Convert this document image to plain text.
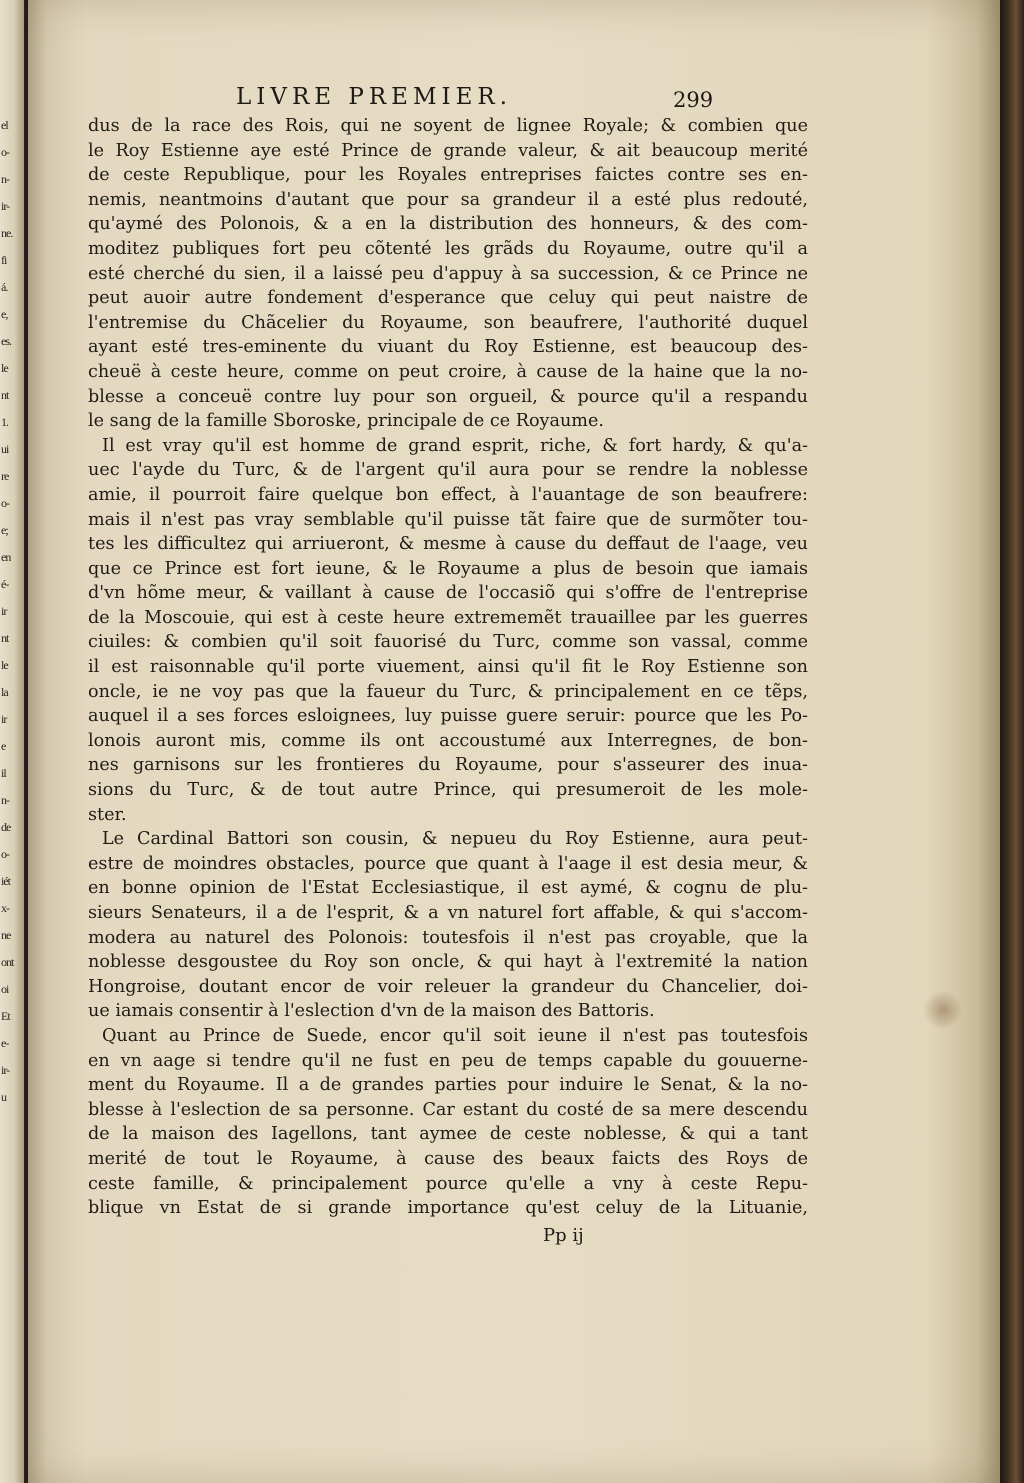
el
o-
n-
ir-
ne.
fi
á.
e,
es.
le
nt
1.
ui
re
o-
e;
en
é-
ir
nt
le
la
ir
e
il
n-
de
o-
iét
x-
ne
ont
oi
Et
e-
ir-
u
LIVRE PREMIER.	299
dus de la race des Rois, qui ne soyent de lignee Royale; & combien que
le Roy Estienne aye esté Prince de grande valeur, & ait beaucoup merité
de ceste Republique, pour les Royales entreprises faictes contre ses en-
nemis, neantmoins d'autant que pour sa grandeur il a esté plus redouté,
qu'aymé des Polonois, & a en la distribution des honneurs, & des com-
moditez publiques fort peu cõtenté les grãds du Royaume, outre qu'il a
esté cherché du sien, il a laissé peu d'appuy à sa succession, & ce Prince ne
peut auoir autre fondement d'esperance que celuy qui peut naistre de
l'entremise du Chãcelier du Royaume, son beaufrere, l'authorité duquel
ayant esté tres-eminente du viuant du Roy Estienne, est beaucoup des-
cheuë à ceste heure, comme on peut croire, à cause de la haine que la no-
blesse a conceuë contre luy pour son orgueil, & pource qu'il a respandu
le sang de la famille Sboroske, principale de ce Royaume.
Il est vray qu'il est homme de grand esprit, riche, & fort hardy, & qu'a-
uec l'ayde du Turc, & de l'argent qu'il aura pour se rendre la noblesse
amie, il pourroit faire quelque bon effect, à l'auantage de son beaufrere:
mais il n'est pas vray semblable qu'il puisse tãt faire que de surmõter tou-
tes les difficultez qui arriueront, & mesme à cause du deffaut de l'aage, veu
que ce Prince est fort ieune, & le Royaume a plus de besoin que iamais
d'vn hõme meur, & vaillant à cause de l'occasiõ qui s'offre de l'entreprise
de la Moscouie, qui est à ceste heure extrememẽt trauaillee par les guerres
ciuiles: & combien qu'il soit fauorisé du Turc, comme son vassal, comme
il est raisonnable qu'il porte viuement, ainsi qu'il fit le Roy Estienne son
oncle, ie ne voy pas que la faueur du Turc, & principalement en ce tẽps,
auquel il a ses forces esloignees, luy puisse guere seruir: pource que les Po-
lonois auront mis, comme ils ont accoustumé aux Interregnes, de bon-
nes garnisons sur les frontieres du Royaume, pour s'asseurer des inua-
sions du Turc, & de tout autre Prince, qui presumeroit de les mole-
ster.
Le Cardinal Battori son cousin, & nepueu du Roy Estienne, aura peut-
estre de moindres obstacles, pource que quant à l'aage il est desia meur, &
en bonne opinion de l'Estat Ecclesiastique, il est aymé, & cognu de plu-
sieurs Senateurs, il a de l'esprit, & a vn naturel fort affable, & qui s'accom-
modera au naturel des Polonois: toutesfois il n'est pas croyable, que la
noblesse desgoustee du Roy son oncle, & qui hayt à l'extremité la nation
Hongroise, doutant encor de voir releuer la grandeur du Chancelier, doi-
ue iamais consentir à l'eslection d'vn de la maison des Battoris.
Quant au Prince de Suede, encor qu'il soit ieune il n'est pas toutesfois
en vn aage si tendre qu'il ne fust en peu de temps capable du gouuerne-
ment du Royaume. Il a de grandes parties pour induire le Senat, & la no-
blesse à l'eslection de sa personne. Car estant du costé de sa mere descendu
de la maison des Iagellons, tant aymee de ceste noblesse, & qui a tant
merité de tout le Royaume, à cause des beaux faicts des Roys de
ceste famille, & principalement pource qu'elle a vny à ceste Repu-
blique vn Estat de si grande importance qu'est celuy de la Lituanie,
Pp ij
